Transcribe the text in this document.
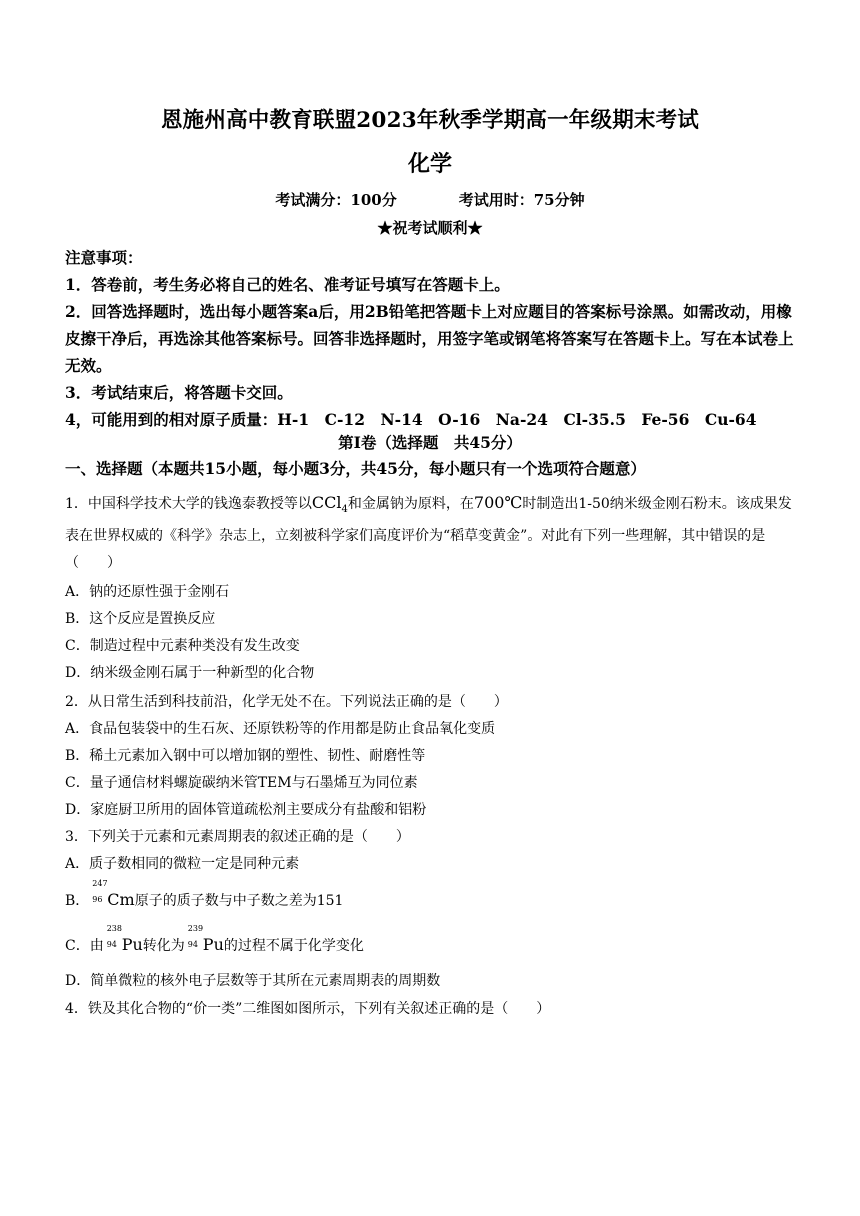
恩施州高中教育联盟2023年秋季学期高一年级期末考试
化学
考试满分：100分	考试用时：75分钟
★祝考试顺利★
注意事项：
1．答卷前，考生务必将自己的姓名、准考证号填写在答题卡上。
2．回答选择题时，选出每小题答案a后，用2B铅笔把答题卡上对应题目的答案标号涂黑。如需改动，用橡皮擦干净后，再选涂其他答案标号。回答非选择题时，用签字笔或钢笔将答案写在答题卡上。写在本试卷上无效。
3．考试结束后，将答题卡交回。
4，可能用到的相对原子质量：H-1　C-12　N-14　O-16　Na-24　Cl-35.5　Fe-56　Cu-64
第Ⅰ卷（选择题　共45分）
一、选择题（本题共15小题，每小题3分，共45分，每小题只有一个选项符合题意）
1．中国科学技术大学的钱逸泰教授等以CCl$_4$和金属钠为原料，在700℃时制造出1-50纳米级金刚石粉末。该成果发表在世界权威的《科学》杂志上，立刻被科学家们高度评价为“稻草变黄金”。对此有下列一些理解，其中错误的是（　　）
A．钠的还原性强于金刚石
B．这个反应是置换反应
C．制造过程中元素种类没有发生改变
D．纳米级金刚石属于一种新型的化合物
2．从日常生活到科技前沿，化学无处不在。下列说法正确的是（　　）
A．食品包装袋中的生石灰、还原铁粉等的作用都是防止食品氧化变质
B．稀土元素加入钢中可以增加钢的塑性、韧性、耐磨性等
C．量子通信材料螺旋碳纳米管TEM与石墨烯互为同位素
D．家庭厨卫所用的固体管道疏松剂主要成分有盐酸和铝粉
3．下列关于元素和元素周期表的叙述正确的是（　　）
A．质子数相同的微粒一定是同种元素
B．
247
96 Cm原子的质子数与中子数之差为151
C．由
238
94 Pu转化为
239
94 Pu的过程不属于化学变化
D．简单微粒的核外电子层数等于其所在元素周期表的周期数
4．铁及其化合物的“价一类”二维图如图所示，下列有关叙述正确的是（　　）
